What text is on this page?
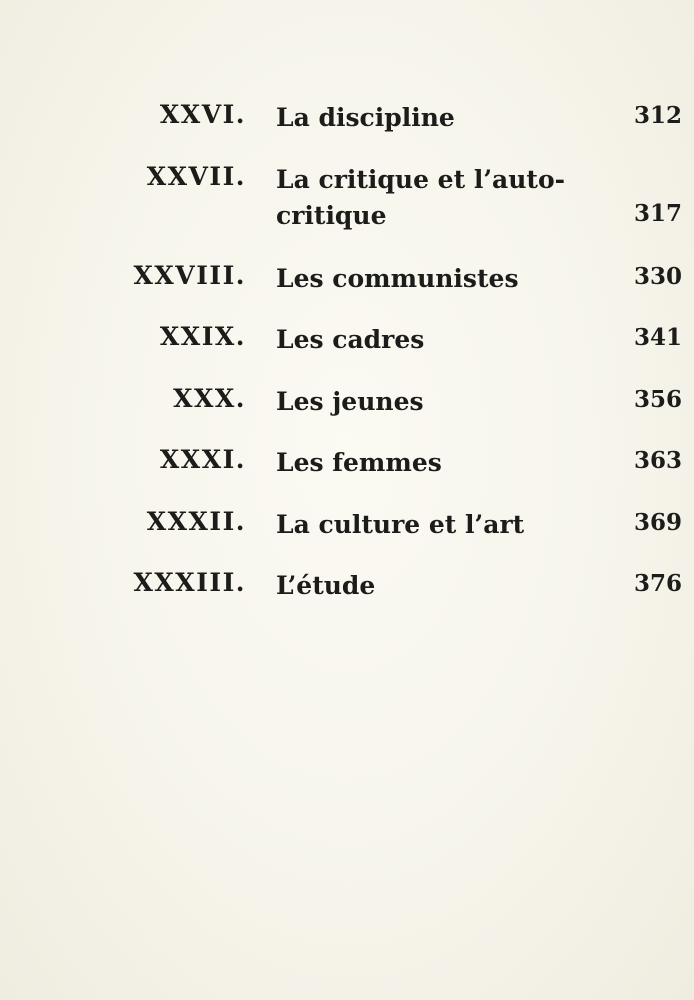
XXVI. La discipline	312
XXVII. La critique et l’auto-
critique	317
XXVIII. Les communistes	330
XXIX. Les cadres	341
XXX. Les jeunes	356
XXXI. Les femmes	363
XXXII. La culture et l’art	369
XXXIII. L’étude	376
